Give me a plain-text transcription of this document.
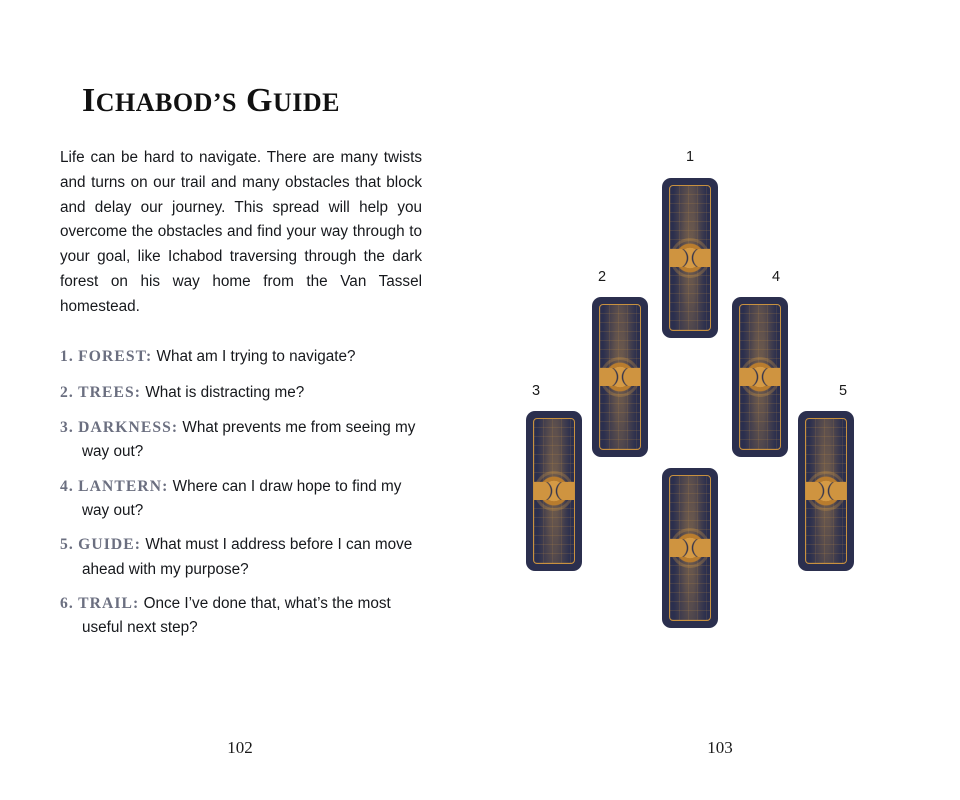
ICHABOD’S GUIDE

Life can be hard to navigate. There are many twists and turns on our trail and many obstacles that block and delay our journey. This spread will help you overcome the obstacles and find your way through to your goal, like Ichabod traversing through the dark forest on his way home from the Van Tassel homestead.

1. FOREST: What am I trying to navigate?
2. TREES: What is distracting me?
3. DARKNESS: What prevents me from seeing my way out?
4. LANTERN: Where can I draw hope to find my way out?
5. GUIDE: What must I address before I can move ahead with my purpose?
6. TRAIL: Once I’ve done that, what’s the most useful next step?
102
1
2
3
4
5
103
